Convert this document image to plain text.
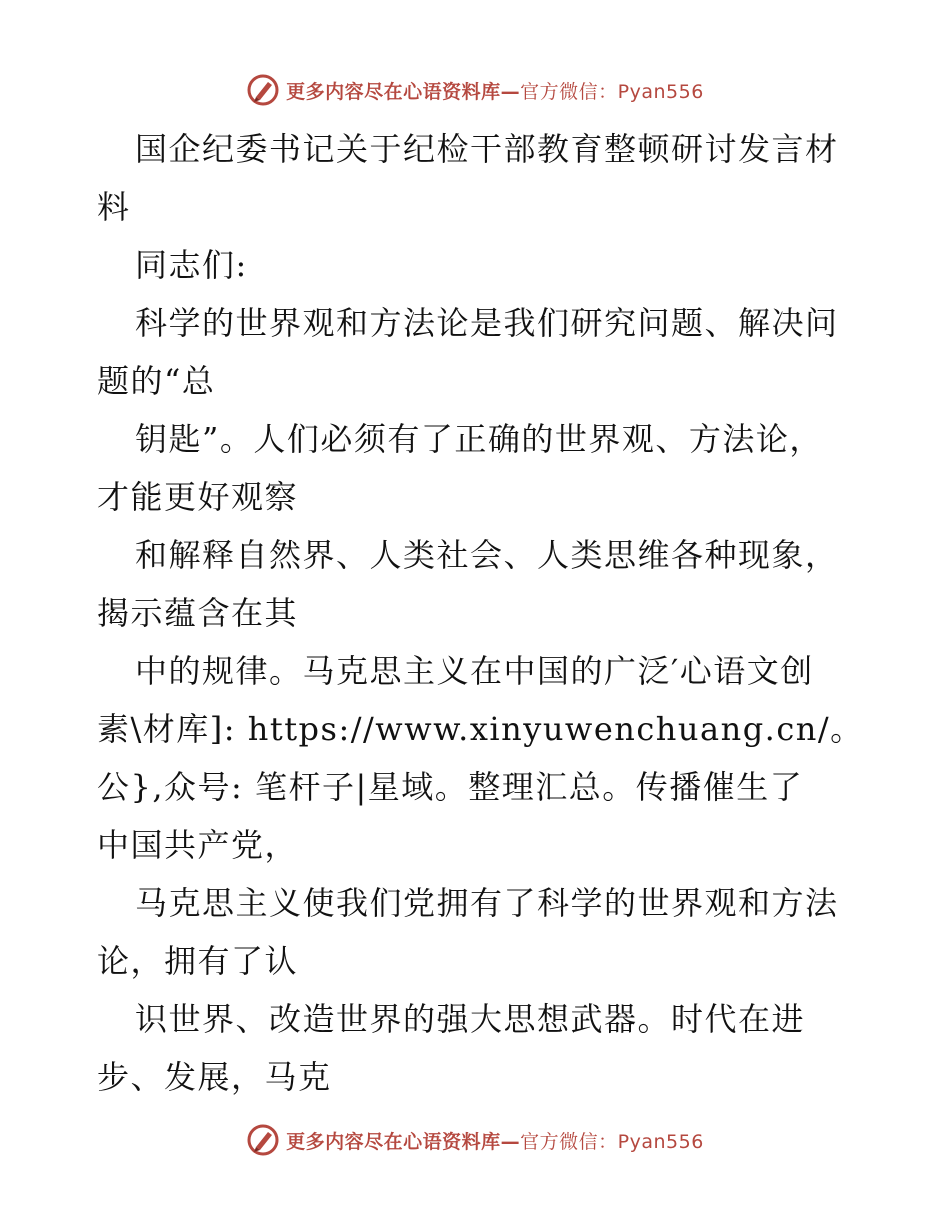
更多内容尽在心语资料库—官方微信：Pyan556
国企纪委书记关于纪检干部教育整顿研讨发言材
料
同志们:
科学的世界观和方法论是我们研究问题、解决问
题的“总
钥匙”。人们必须有了正确的世界观、方法论，
才能更好观察
和解释自然界、人类社会、人类思维各种现象，
揭示蕴含在其
中的规律。马克思主义在中国的广泛′心语文创
素\材库]: https://www.xinyuwenchuang.cn/。
公},众号: 笔杆子|星域。整理汇总。传播催生了
中国共产党，
马克思主义使我们党拥有了科学的世界观和方法
论，拥有了认
识世界、改造世界的强大思想武器。时代在进
步、发展，马克
更多内容尽在心语资料库—官方微信：Pyan556
